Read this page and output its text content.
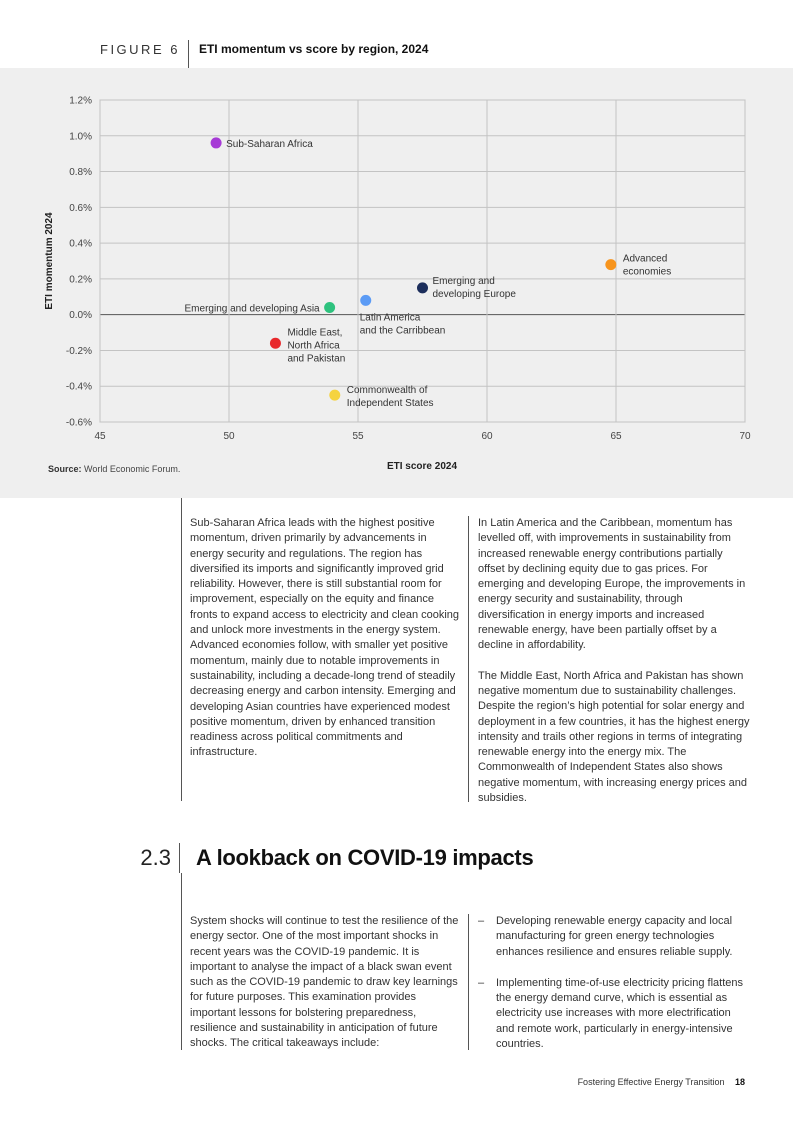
FIGURE 6 ETI momentum vs score by region, 2024
1.2%
1.0%
0.8%
0.6%
0.4%
0.2%
0.0%
-0.2%
-0.4%
-0.6%
45	50	55	60	65	70
ETI score 2024
ETI momentum 2024
Sub-Saharan Africa
Advanced
economies
Emerging and
developing Europe
Latin America
and the Carribbean
Emerging and developing Asia
Middle East,
North Africa
and Pakistan
Commonwealth of
Independent States
Source: World Economic Forum.

Sub-Saharan Africa leads with the highest positive momentum, driven primarily by advancements in energy security and regulations. The region has diversified its imports and significantly improved grid reliability. However, there is still substantial room for improvement, especially on the equity and finance fronts to expand access to electricity and clean cooking and unlock more investments in the energy system. Advanced economies follow, with smaller yet positive momentum, mainly due to notable improvements in sustainability, including a decade-long trend of steadily decreasing energy and carbon intensity. Emerging and developing Asian countries have experienced modest positive momentum, driven by enhanced transition readiness across political commitments and infrastructure.

In Latin America and the Caribbean, momentum has levelled off, with improvements in sustainability from increased renewable energy contributions partially offset by declining equity due to gas prices. For emerging and developing Europe, the improvements in energy security and sustainability, through diversification in energy imports and increased renewable energy, have been partially offset by a decline in affordability.

The Middle East, North Africa and Pakistan has shown negative momentum due to sustainability challenges. Despite the region’s high potential for solar energy and deployment in a few countries, it has the highest energy intensity and trails other regions in terms of integrating renewable energy into the energy mix. The Commonwealth of Independent States also shows negative momentum, with increasing energy prices and subsidies.

2.3 A lookback on COVID-19 impacts

System shocks will continue to test the resilience of the energy sector. One of the most important shocks in recent years was the COVID-19 pandemic. It is important to analyse the impact of a black swan event such as the COVID-19 pandemic to draw key learnings for future purposes. This examination provides important lessons for bolstering preparedness, resilience and sustainability in anticipation of future shocks. The critical takeaways include:

–	Developing renewable energy capacity and local manufacturing for green energy technologies enhances resilience and ensures reliable supply.
–	Implementing time-of-use electricity pricing flattens the energy demand curve, which is essential as electricity use increases with more electrification and remote work, particularly in energy-intensive countries.
Fostering Effective Energy Transition 18
